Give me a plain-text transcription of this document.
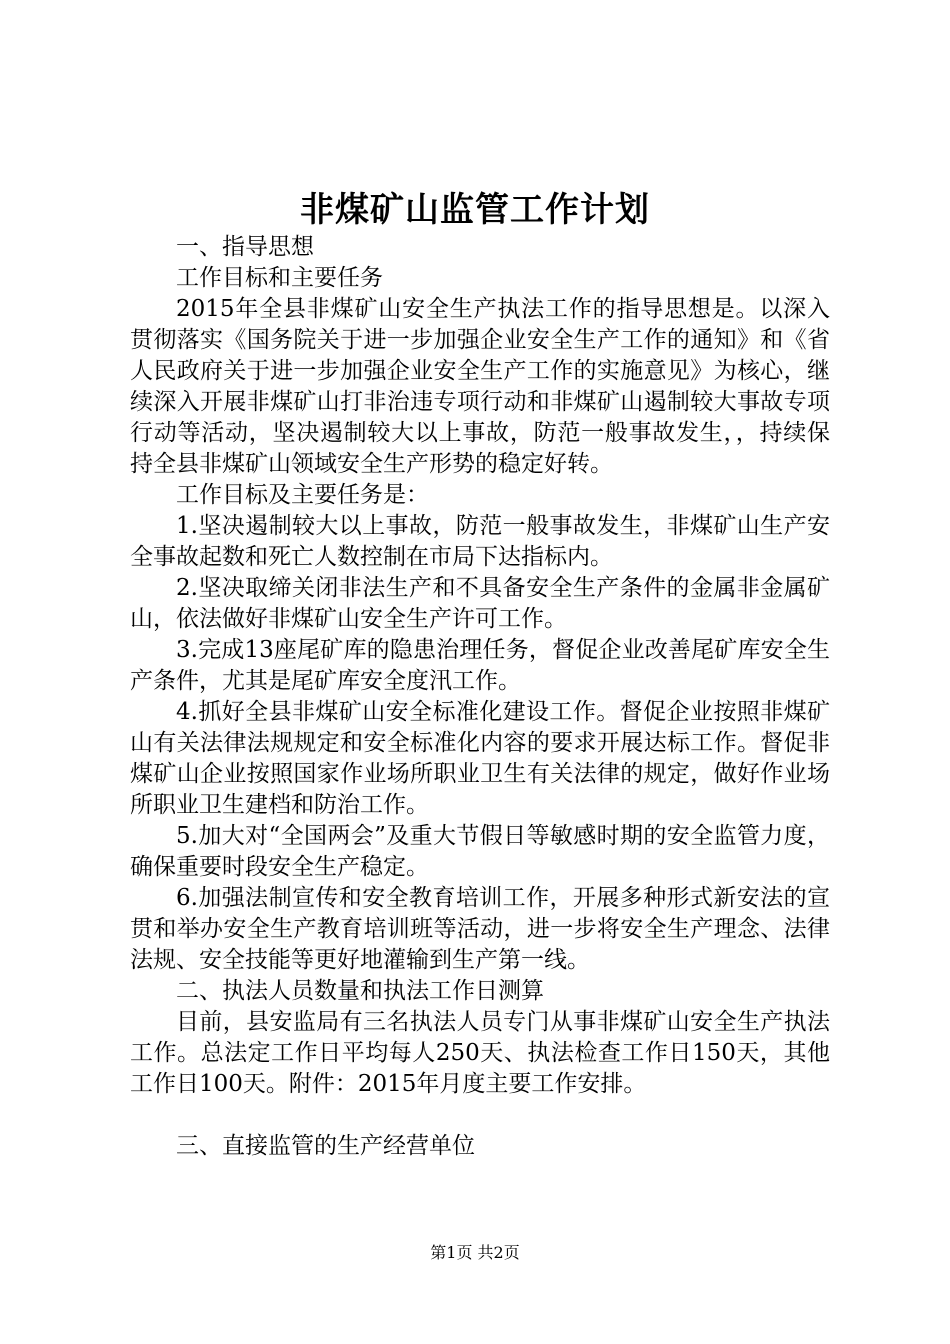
非煤矿山监管工作计划

一、指导思想

工作目标和主要任务

2015年全县非煤矿山安全生产执法工作的指导思想是。以深入贯彻落实《国务院关于进一步加强企业安全生产工作的通知》和《省人民政府关于进一步加强企业安全生产工作的实施意见》为核心，继续深入开展非煤矿山打非治违专项行动和非煤矿山遏制较大事故专项行动等活动，坚决遏制较大以上事故，防范一般事故发生，，持续保持全县非煤矿山领域安全生产形势的稳定好转。

工作目标及主要任务是：

1.坚决遏制较大以上事故，防范一般事故发生，非煤矿山生产安全事故起数和死亡人数控制在市局下达指标内。

2.坚决取缔关闭非法生产和不具备安全生产条件的金属非金属矿山，依法做好非煤矿山安全生产许可工作。

3.完成13座尾矿库的隐患治理任务，督促企业改善尾矿库安全生产条件，尤其是尾矿库安全度汛工作。

4.抓好全县非煤矿山安全标准化建设工作。督促企业按照非煤矿山有关法律法规规定和安全标准化内容的要求开展达标工作。督促非煤矿山企业按照国家作业场所职业卫生有关法律的规定，做好作业场所职业卫生建档和防治工作。

5.加大对“全国两会”及重大节假日等敏感时期的安全监管力度，确保重要时段安全生产稳定。

6.加强法制宣传和安全教育培训工作，开展多种形式新安法的宣贯和举办安全生产教育培训班等活动，进一步将安全生产理念、法律法规、安全技能等更好地灌输到生产第一线。

二、执法人员数量和执法工作日测算

目前，县安监局有三名执法人员专门从事非煤矿山安全生产执法工作。总法定工作日平均每人250天、执法检查工作日150天，其他工作日100天。附件：2015年月度主要工作安排。

三、直接监管的生产经营单位

第1页 共2页
